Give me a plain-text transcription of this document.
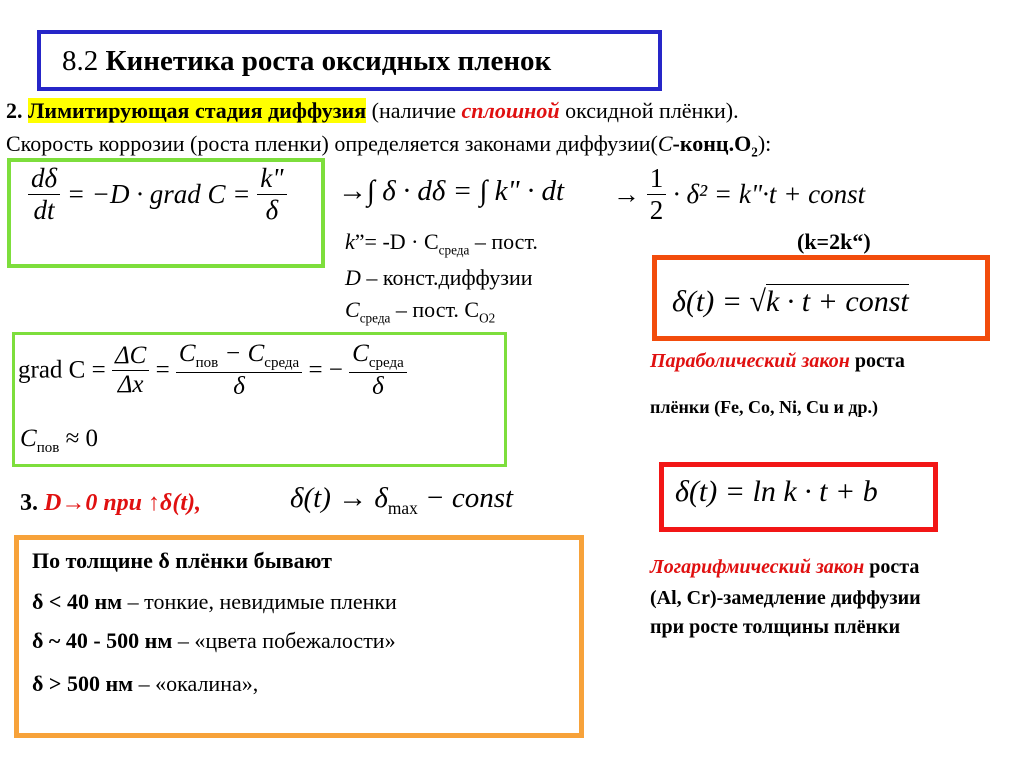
8.2 Кинетика роста оксидных пленок
2. Лимитирующая стадия диффузия (наличие сплошной оксидной плёнки).
Скорость коррозии (роста пленки) определяется законами $диффузии(C-конц.O_2)$:
$\frac{d\delta}{dt} = -D$ · grad $C = \frac{k"}{\delta}$ →∫ δ · dδ = ∫ k" · dt → $\frac{1}{2} \cdot \delta^2$ = k"·t + const
k”= $-D \cdot C_{среда}$ – пост.	(k=2k“)
D – конст.диффузии
$C_{среда}$ – пост. $С_{O2}$
grad $C = \frac{\Delta C}{\Delta x}$ =
$C_{пов} - C_{среда}$
δ
= −
$C_{среда}$
δ
$C_{пов} \approx 0$
δ(t) = √k · t + const
Параболический закон роста
плёнки (Fe, Co, Ni, Cu и др.)
3. D→0 при ↑δ(t),	$\delta(t) \to \delta_{max}$ − const	δ(t) = ln k · t + b
Логарифмический закон роста
(Al, Cr)-замедление диффузии
при росте толщины плёнки
По толщине δ плёнки бывают
δ < 40 нм – тонкие, невидимые пленки
δ ~ 40 - 500 нм – «цвета побежалости»
δ > 500 нм – «окалина»,
